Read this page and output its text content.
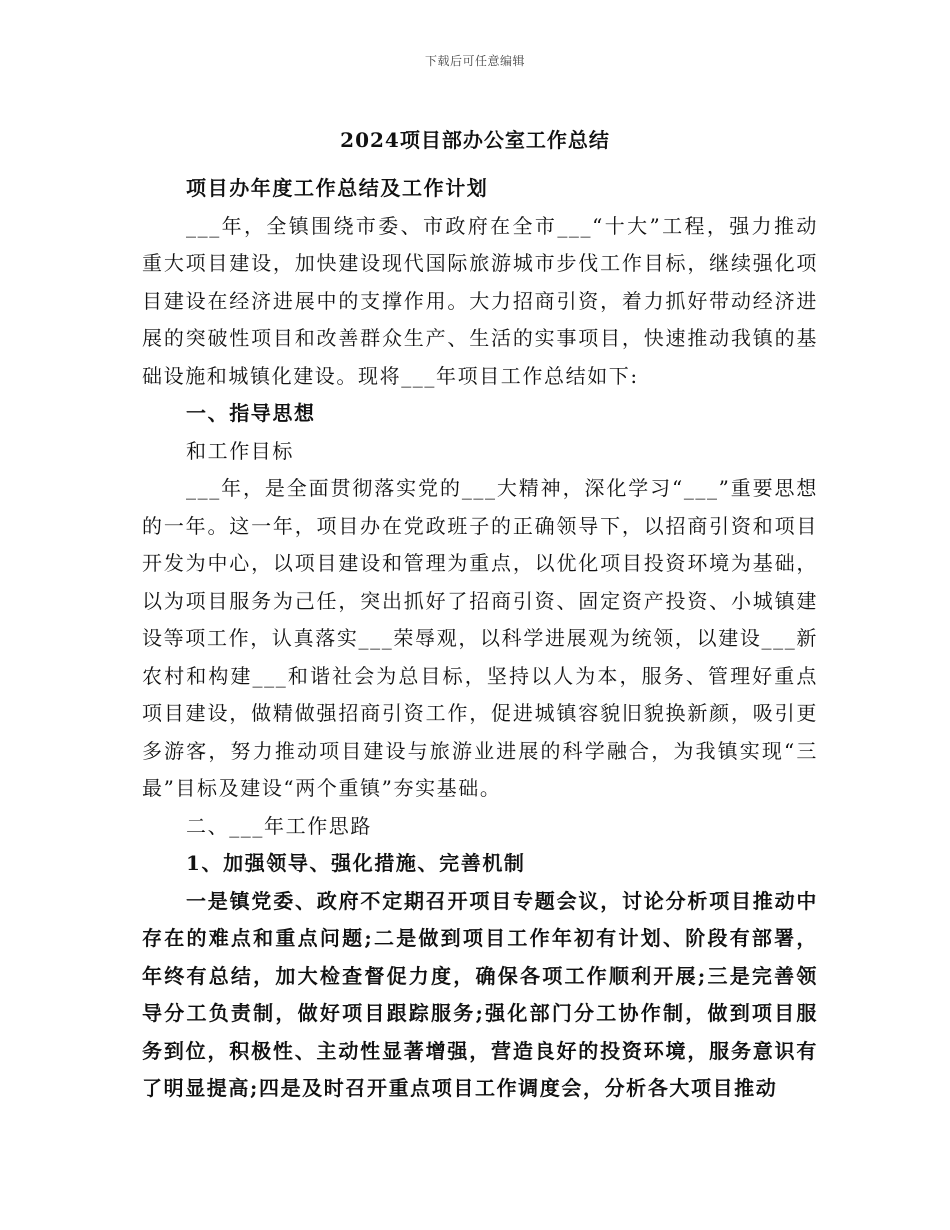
下载后可任意编辑
2024项目部办公室工作总结

项目办年度工作总结及工作计划

___年，全镇围绕市委、市政府在全市___“十大”工程，强力推动重大项目建设，加快建设现代国际旅游城市步伐工作目标，继续强化项目建设在经济进展中的支撑作用。大力招商引资，着力抓好带动经济进展的突破性项目和改善群众生产、生活的实事项目，快速推动我镇的基础设施和城镇化建设。现将___年项目工作总结如下:

一、指导思想

和工作目标

___年，是全面贯彻落实党的___大精神，深化学习“___”重要思想的一年。这一年，项目办在党政班子的正确领导下，以招商引资和项目开发为中心，以项目建设和管理为重点，以优化项目投资环境为基础，以为项目服务为己任，突出抓好了招商引资、固定资产投资、小城镇建设等项工作，认真落实___荣辱观，以科学进展观为统领，以建设___新农村和构建___和谐社会为总目标，坚持以人为本，服务、管理好重点项目建设，做精做强招商引资工作，促进城镇容貌旧貌换新颜，吸引更多游客，努力推动项目建设与旅游业进展的科学融合，为我镇实现“三最”目标及建设“两个重镇”夯实基础。

二、___年工作思路

1、加强领导、强化措施、完善机制

一是镇党委、政府不定期召开项目专题会议，讨论分析项目推动中存在的难点和重点问题;二是做到项目工作年初有计划、阶段有部署，年终有总结，加大检查督促力度，确保各项工作顺利开展;三是完善领导分工负责制，做好项目跟踪服务;强化部门分工协作制，做到项目服务到位，积极性、主动性显著增强，营造良好的投资环境，服务意识有了明显提高;四是及时召开重点项目工作调度会，分析各大项目推动
